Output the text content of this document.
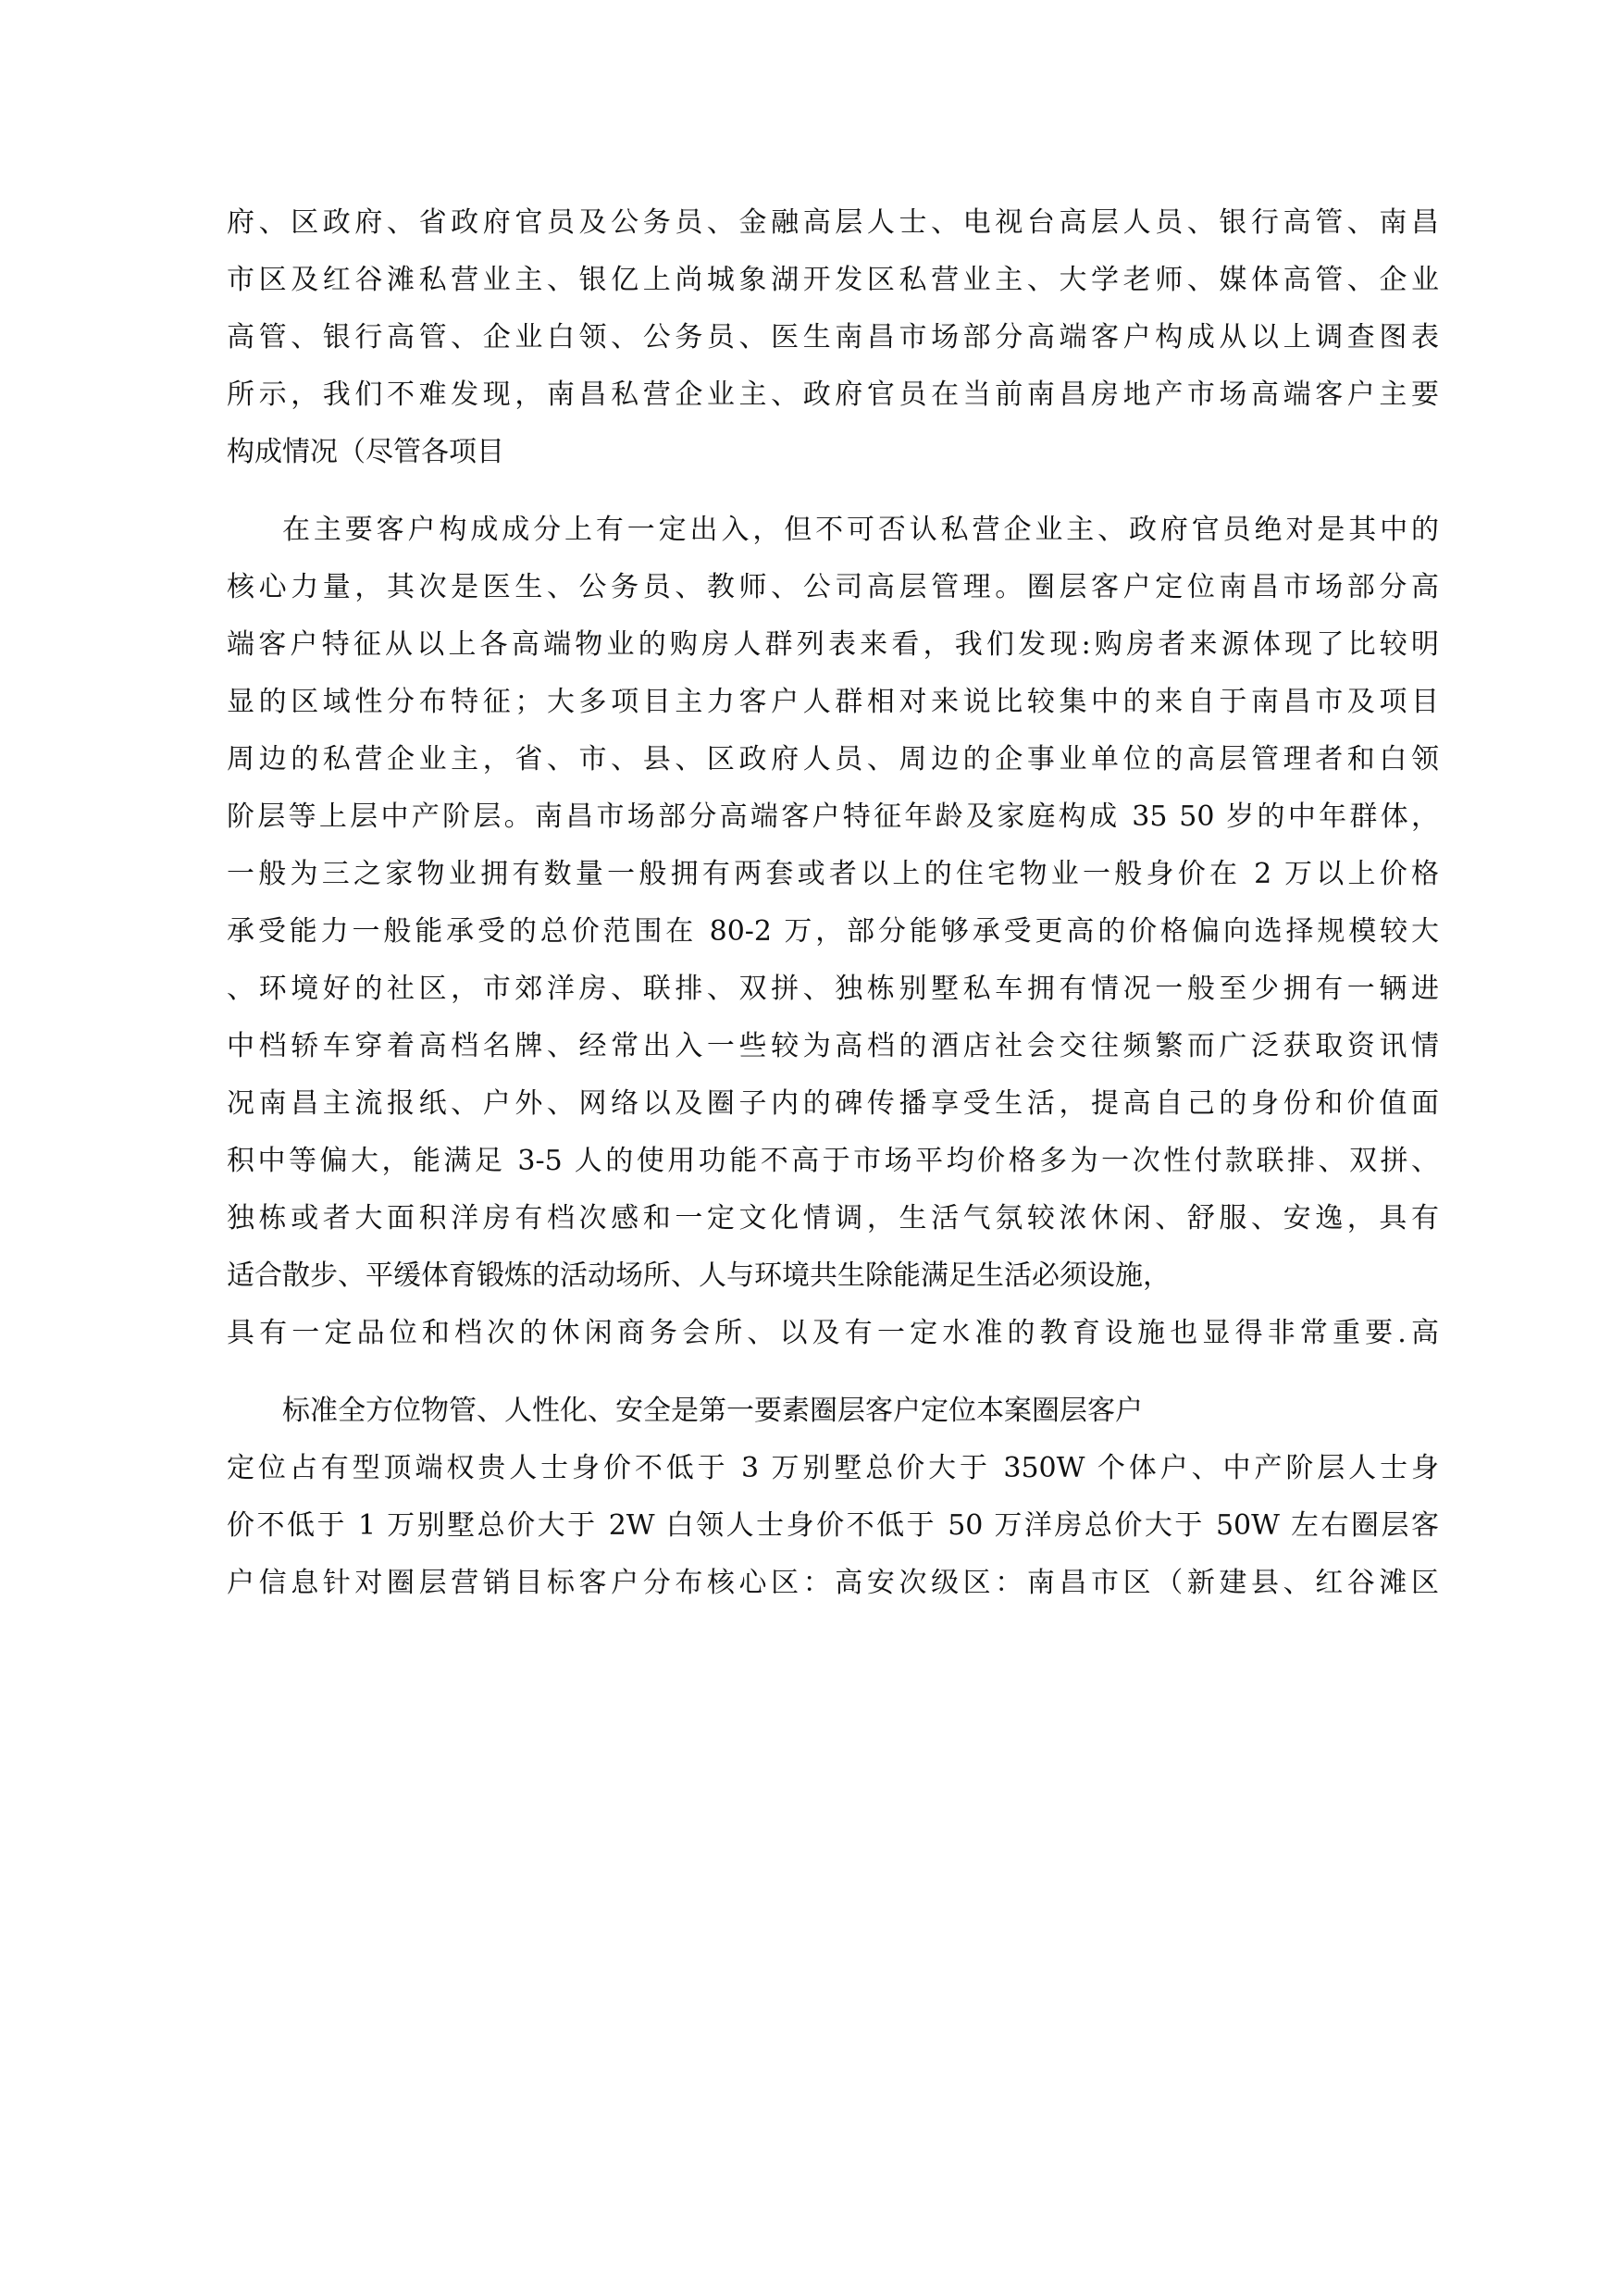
府、区政府、省政府官员及公务员、金融高层人士、电视台高层人员、银行高管、南昌
市区及红谷滩私营业主、银亿上尚城象湖开发区私营业主、大学老师、媒体高管、企业
高管、银行高管、企业白领、公务员、医生南昌市场部分高端客户构成从以上调查图表
所示，我们不难发现，南昌私营企业主、政府官员在当前南昌房地产市场高端客户主要
构成情况（尽管各项目
在主要客户构成成分上有一定出入，但不可否认私营企业主、政府官员绝对是其中的
核心力量，其次是医生、公务员、教师、公司高层管理。圈层客户定位南昌市场部分高
端客户特征从以上各高端物业的购房人群列表来看，我们发现:购房者来源体现了比较明
显的区域性分布特征；大多项目主力客户人群相对来说比较集中的来自于南昌市及项目
周边的私营企业主，省、市、县、区政府人员、周边的企事业单位的高层管理者和白领
阶层等上层中产阶层。南昌市场部分高端客户特征年龄及家庭构成 35 50 岁的中年群体，
一般为三之家物业拥有数量一般拥有两套或者以上的住宅物业一般身价在 2 万以上价格
承受能力一般能承受的总价范围在 80-2 万，部分能够承受更高的价格偏向选择规模较大
、环境好的社区，市郊洋房、联排、双拼、独栋别墅私车拥有情况一般至少拥有一辆进
中档轿车穿着高档名牌、经常出入一些较为高档的酒店社会交往频繁而广泛获取资讯情
况南昌主流报纸、户外、网络以及圈子内的碑传播享受生活，提高自己的身份和价值面
积中等偏大，能满足 3-5 人的使用功能不高于市场平均价格多为一次性付款联排、双拼、
独栋或者大面积洋房有档次感和一定文化情调，生活气氛较浓休闲、舒服、安逸，具有
适合散步、平缓体育锻炼的活动场所、人与环境共生除能满足生活必须设施，
具有一定品位和档次的休闲商务会所、以及有一定水准的教育设施也显得非常重要.高
标准全方位物管、人性化、安全是第一要素圈层客户定位本案圈层客户
定位占有型顶端权贵人士身价不低于 3 万别墅总价大于 350W 个体户、中产阶层人士身
价不低于 1 万别墅总价大于 2W 白领人士身价不低于 50 万洋房总价大于 50W 左右圈层客
户信息针对圈层营销目标客户分布核心区：高安次级区：南昌市区（新建县、红谷滩区
